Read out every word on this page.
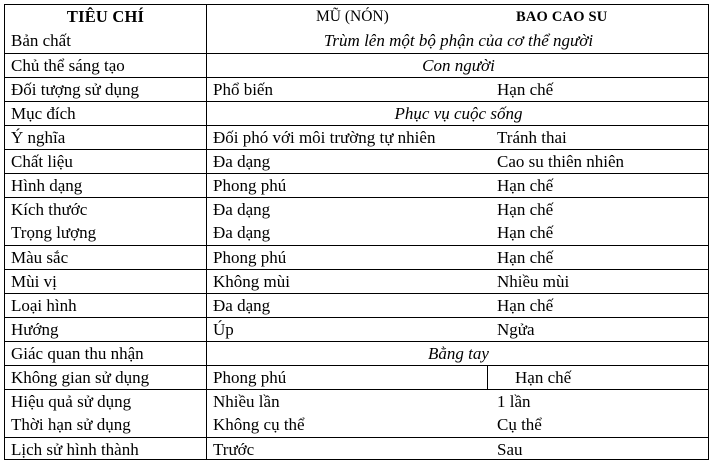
TIÊU CHÍ	MŨ (NÓN)	BAO CAO SU
Bản chất	Trùm lên một bộ phận của cơ thể người
Chủ thể sáng tạo	Con người
Đối tượng sử dụng	Phổ biến	Hạn chế
Mục đích	Phục vụ cuộc sống
Ý nghĩa	Đối phó với môi trường tự nhiên	Tránh thai
Chất liệu	Đa dạng	Cao su thiên nhiên
Hình dạng	Phong phú	Hạn chế
Kích thước	Đa dạng	Hạn chế
Trọng lượng	Đa dạng	Hạn chế
Màu sắc	Phong phú	Hạn chế
Mùi vị	Không mùi	Nhiều mùi
Loại hình	Đa dạng	Hạn chế
Hướng	Úp	Ngửa
Giác quan thu nhận	Bằng tay
Không gian sử dụng	Phong phú	Hạn chế
Hiệu quả sử dụng	Nhiều lần	1 lần
Thời hạn sử dụng	Không cụ thể	Cụ thể
Lịch sử hình thành	Trước	Sau
